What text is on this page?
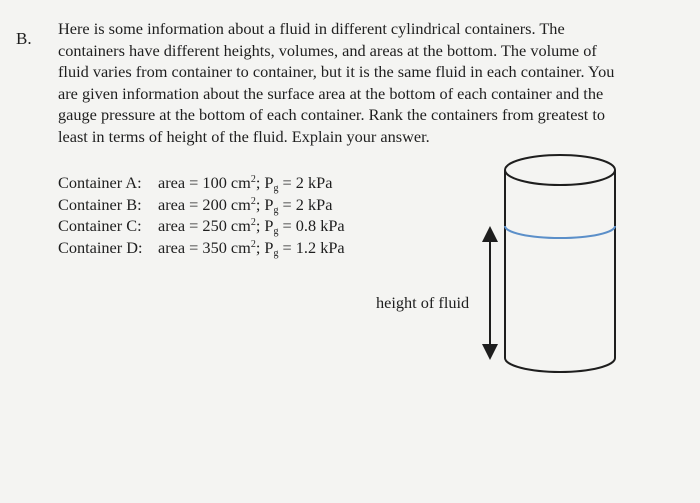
B.
Here is some information about a fluid in different cylindrical containers. The
containers have different heights, volumes, and areas at the bottom. The volume of
fluid varies from container to container, but it is the same fluid in each container. You
are given information about the surface area at the bottom of each container and the
gauge pressure at the bottom of each container. Rank the containers from greatest to
least in terms of height of the fluid. Explain your answer.
Container A: area = 100 $cm^2$; $P_g = 2$ kPa
Container B: area = 200 $cm^2$; $P_g = 2$ kPa
Container C: area = 250 $cm^2$; $P_g = 0.8$ kPa
Container D: area = 350 $cm^2$; $P_g = 1.2$ kPa
height of fluid
